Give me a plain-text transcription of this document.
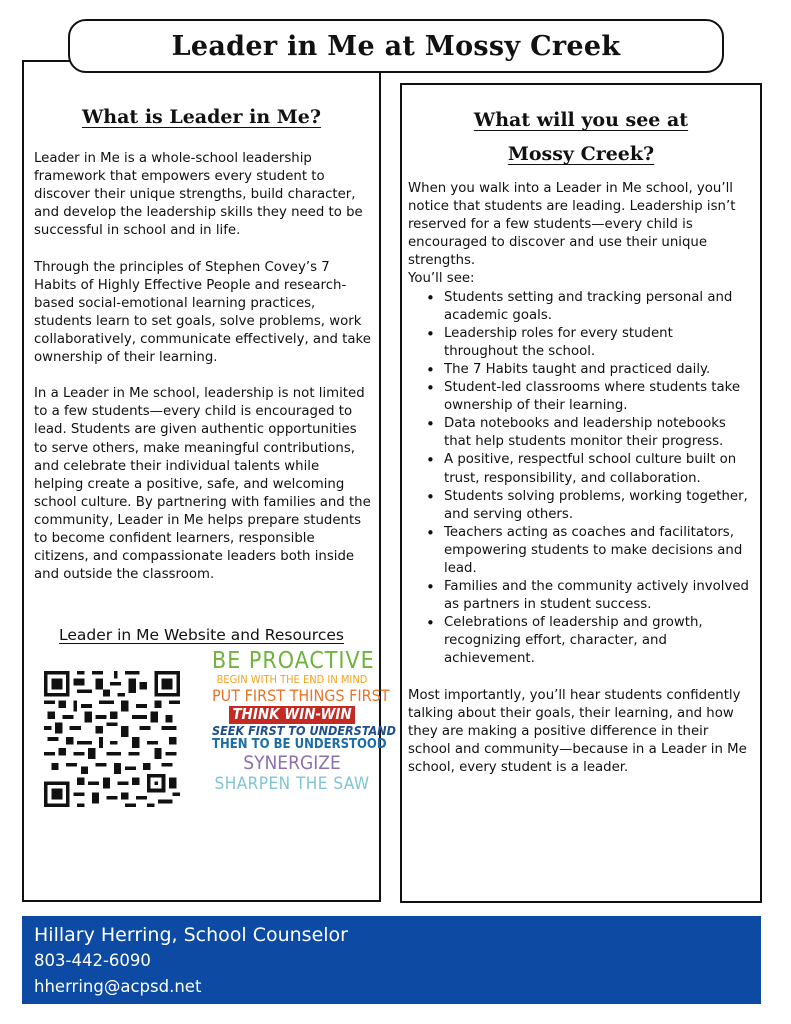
What is Leader in Me?

Leader in Me is a whole-school leadership framework that empowers every student to discover their unique strengths, build character, and develop the leadership skills they need to be successful in school and in life.

Through the principles of Stephen Covey’s 7 Habits of Highly Effective People and research-based social-emotional learning practices, students learn to set goals, solve problems, work collaboratively, communicate effectively, and take ownership of their learning.

In a Leader in Me school, leadership is not limited to a few students—every child is encouraged to lead. Students are given authentic opportunities to serve others, make meaningful contributions, and celebrate their individual talents while helping create a positive, safe, and welcoming school culture. By partnering with families and the community, Leader in Me helps prepare students to become confident learners, responsible citizens, and compassionate leaders both inside and outside the classroom.

Leader in Me Website and Resources
BE PROACTIVE
BEGIN WITH THE END IN MIND
PUT FIRST THINGS FIRST
THINK WIN-WIN
SEEK FIRST TO UNDERSTAND
THEN TO BE UNDERSTOOD
SYNERGIZE
SHARPEN THE SAW
What will you see at
Mossy Creek?

When you walk into a Leader in Me school, you’ll notice that students are leading. Leadership isn’t reserved for a few students—every child is encouraged to discover and use their unique strengths.

You’ll see:

• Students setting and tracking personal and academic goals.
• Leadership roles for every student throughout the school.
• The 7 Habits taught and practiced daily.
• Student-led classrooms where students take ownership of their learning.
• Data notebooks and leadership notebooks that help students monitor their progress.
• A positive, respectful school culture built on trust, responsibility, and collaboration.
• Students solving problems, working together, and serving others.
• Teachers acting as coaches and facilitators, empowering students to make decisions and lead.
• Families and the community actively involved as partners in student success.
• Celebrations of leadership and growth, recognizing effort, character, and achievement.

Most importantly, you’ll hear students confidently talking about their goals, their learning, and how they are making a positive difference in their school and community—because in a Leader in Me school, every student is a leader.

Leader in Me at Mossy Creek
Hillary Herring, School Counselor
803-442-6090
hherring@acpsd.net
